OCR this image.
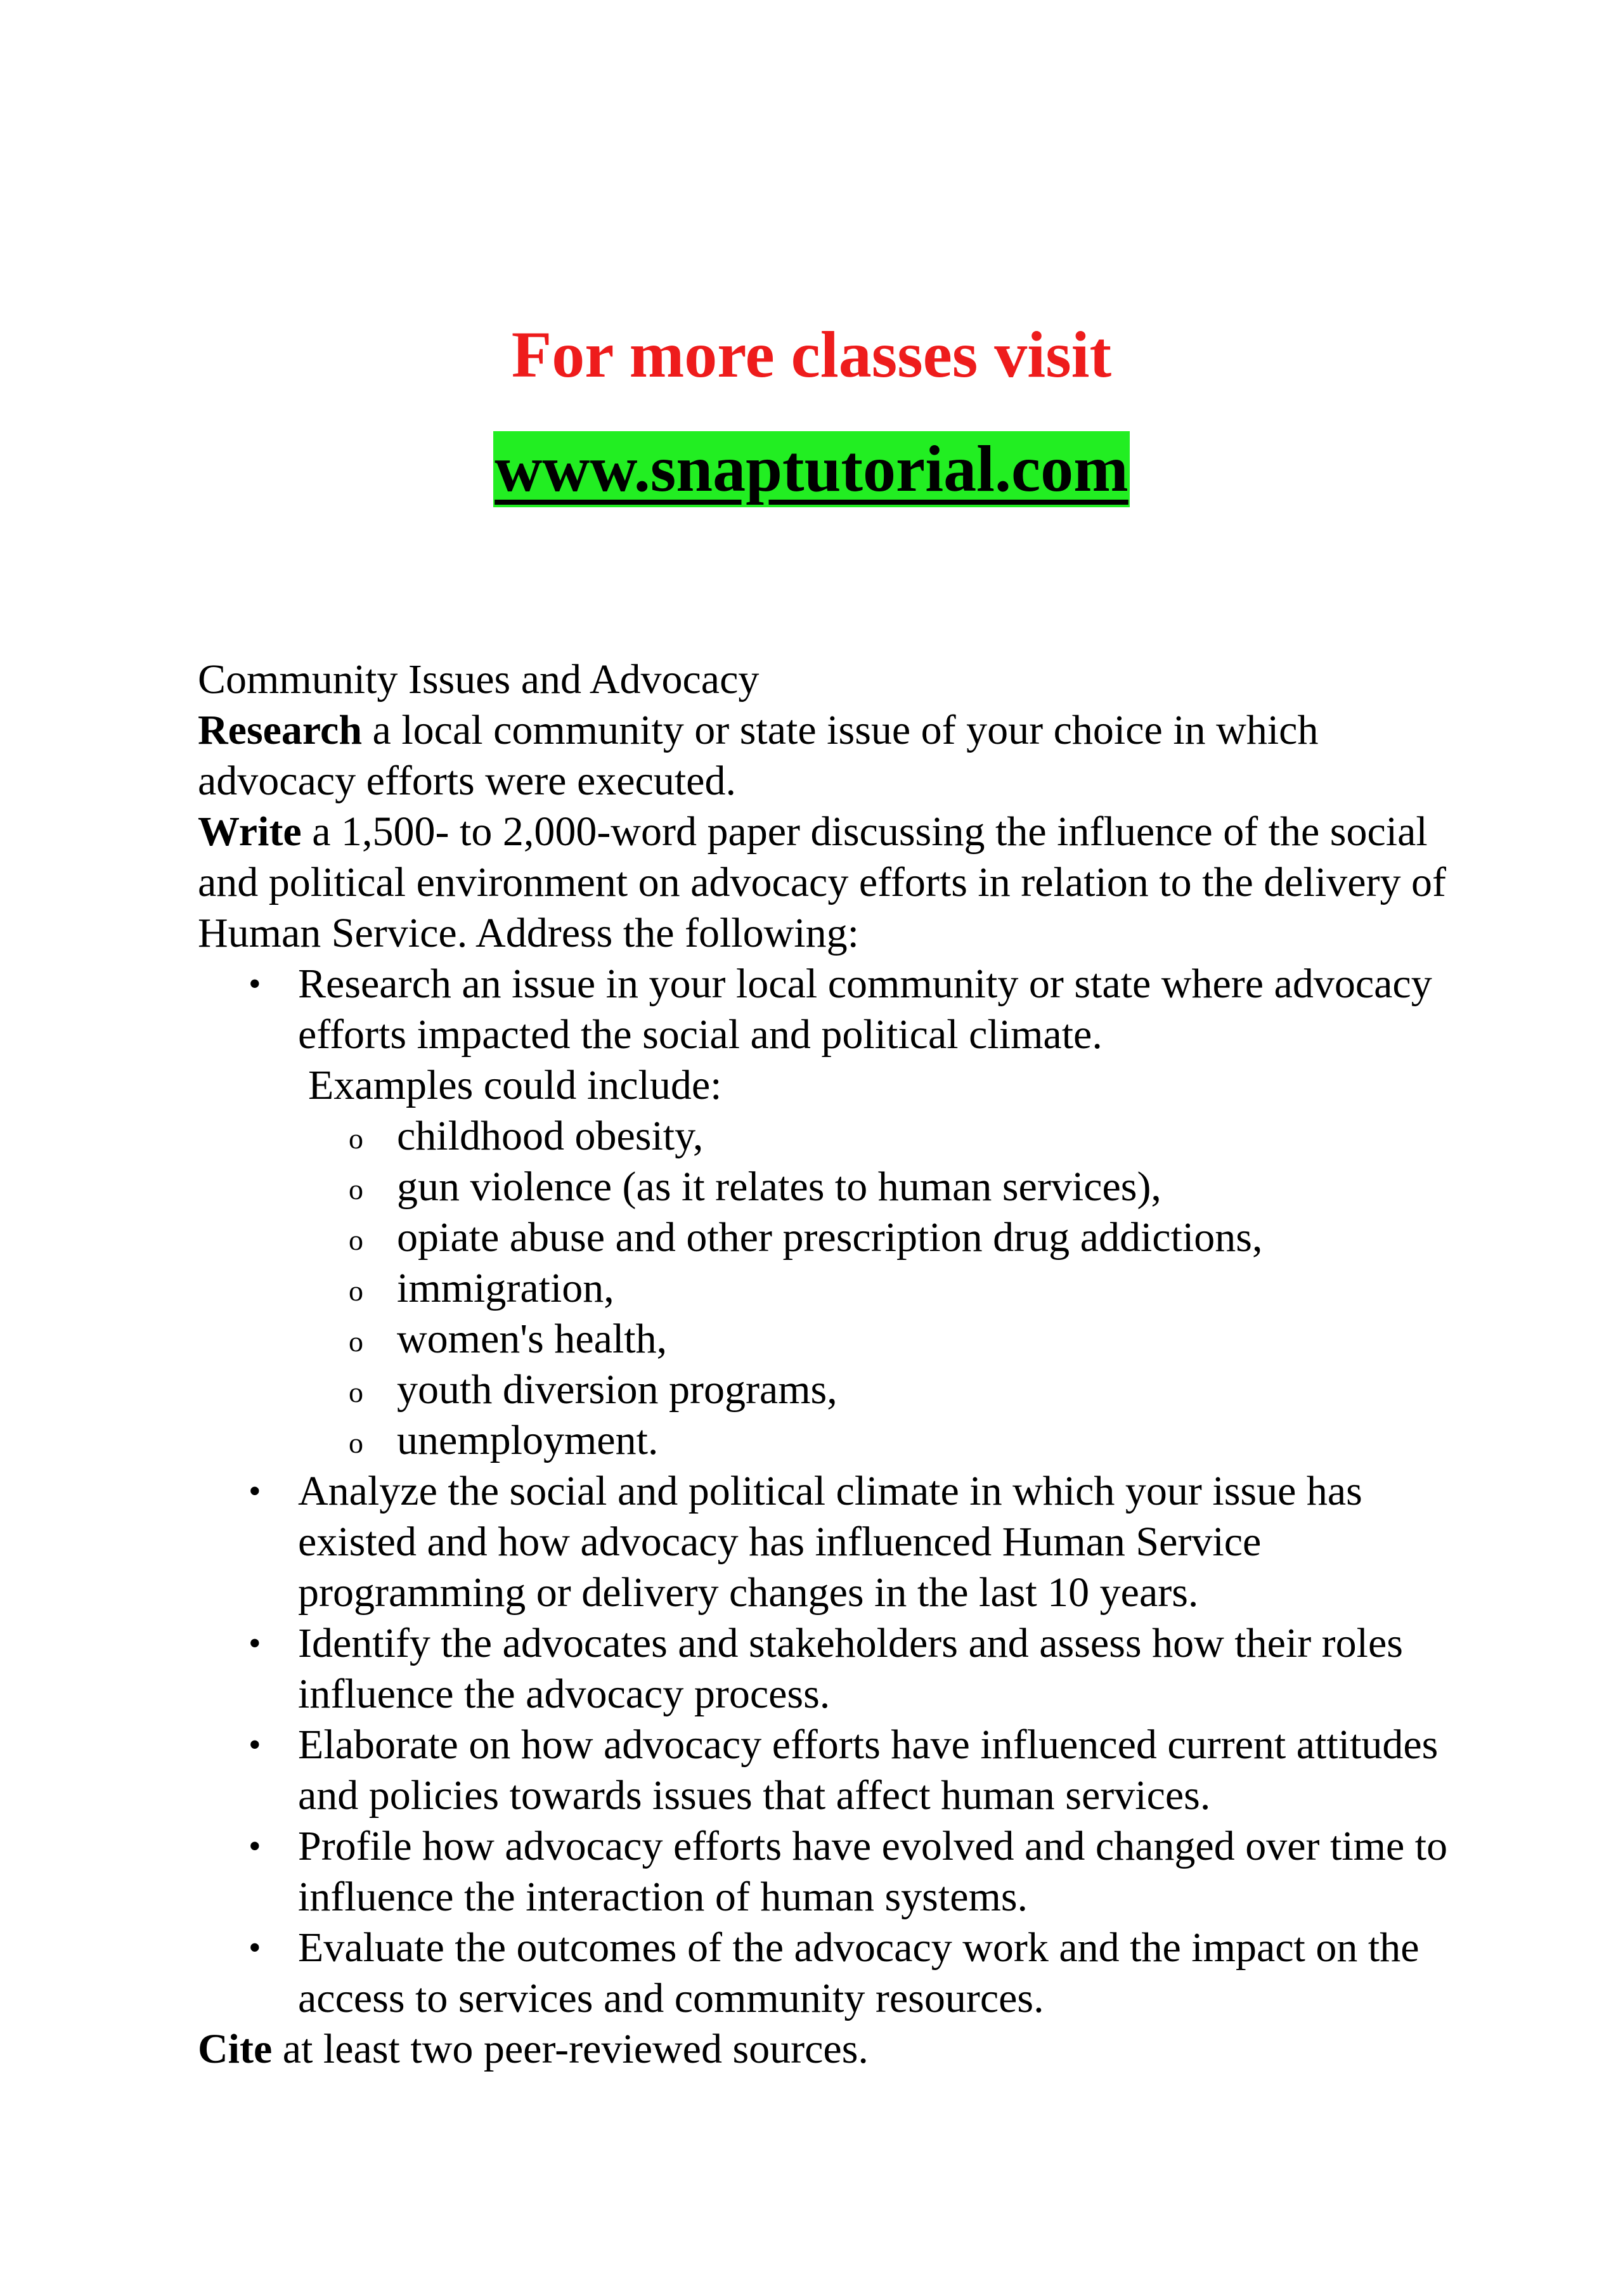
For more classes visit
www.snaptutorial.com

Community Issues and Advocacy

Research a local community or state issue of your choice in which advocacy efforts were executed.

Write a 1,500- to 2,000-word paper discussing the influence of the social and political environment on advocacy efforts in relation to the delivery of Human Service. Address the following:

• Research an issue in your local community or state where advocacy efforts impacted the social and political climate.
Examples could include:
o childhood obesity,
o gun violence (as it relates to human services),
o opiate abuse and other prescription drug addictions,
o immigration,
o women's health,
o youth diversion programs,
o unemployment.
• Analyze the social and political climate in which your issue has existed and how advocacy has influenced Human Service programming or delivery changes in the last 10 years.
• Identify the advocates and stakeholders and assess how their roles influence the advocacy process.
• Elaborate on how advocacy efforts have influenced current attitudes and policies towards issues that affect human services.
• Profile how advocacy efforts have evolved and changed over time to influence the interaction of human systems.
• Evaluate the outcomes of the advocacy work and the impact on the access to services and community resources.

Cite at least two peer-reviewed sources.
